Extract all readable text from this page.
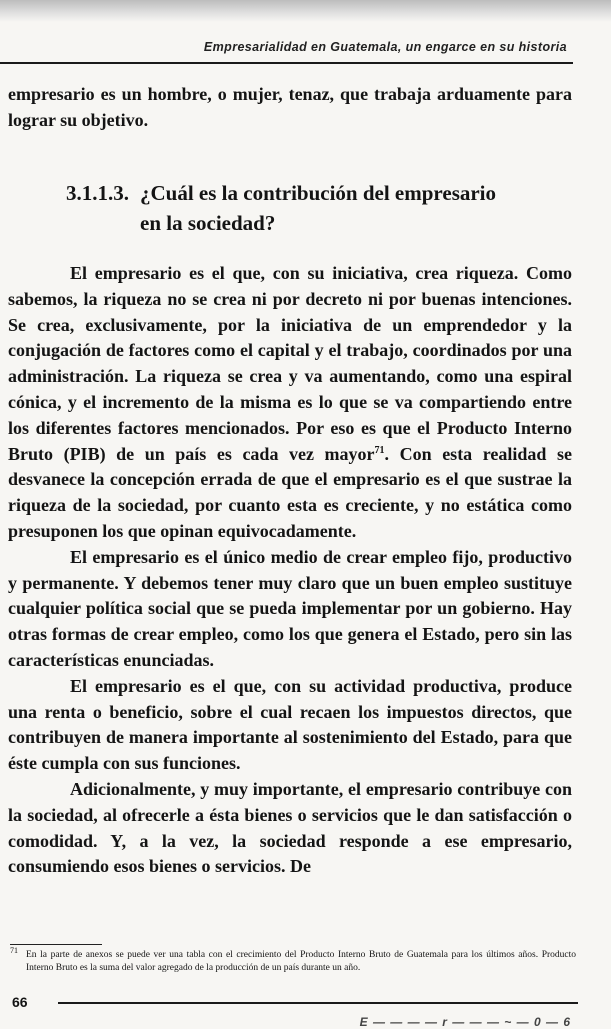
Empresarialidad en Guatemala, un engarce en su historia
empresario es un hombre, o mujer, tenaz, que trabaja arduamente para lograr su objetivo.
3.1.1.3. ¿Cuál es la contribución del empresario
en la sociedad?

El empresario es el que, con su iniciativa, crea riqueza. Como sabemos, la riqueza no se crea ni por decreto ni por buenas intenciones. Se crea, exclusivamente, por la iniciativa de un emprendedor y la conjugación de factores como el capital y el trabajo, coordinados por una administración. La riqueza se crea y va aumentando, como una espiral cónica, y el incremento de la misma es lo que se va compartiendo entre los diferentes factores mencionados. Por eso es que el Producto Interno Bruto (PIB) de un país es cada vez mayor$^{71}$. Con esta realidad se desvanece la concepción errada de que el empresario es el que sustrae la riqueza de la sociedad, por cuanto esta es creciente, y no estática como presuponen los que opinan equivocadamente.

El empresario es el único medio de crear empleo fijo, productivo y permanente. Y debemos tener muy claro que un buen empleo sustituye cualquier política social que se pueda implementar por un gobierno. Hay otras formas de crear empleo, como los que genera el Estado, pero sin las características enunciadas.

El empresario es el que, con su actividad productiva, produce una renta o beneficio, sobre el cual recaen los impuestos directos, que contribuyen de manera importante al sostenimiento del Estado, para que éste cumpla con sus funciones.

Adicionalmente, y muy importante, el empresario contribuye con la sociedad, al ofrecerle a ésta bienes o servicios que le dan satisfacción o comodidad. Y, a la vez, la sociedad responde a ese empresario, consumiendo esos bienes o servicios. De

71 En la parte de anexos se puede ver una tabla con el crecimiento del Producto Interno Bruto de Guatemala para los últimos años. Producto Interno Bruto es la suma del valor agregado de la producción de un país durante un año.
66
E — — — — r — — — ~ — 0 — 6
